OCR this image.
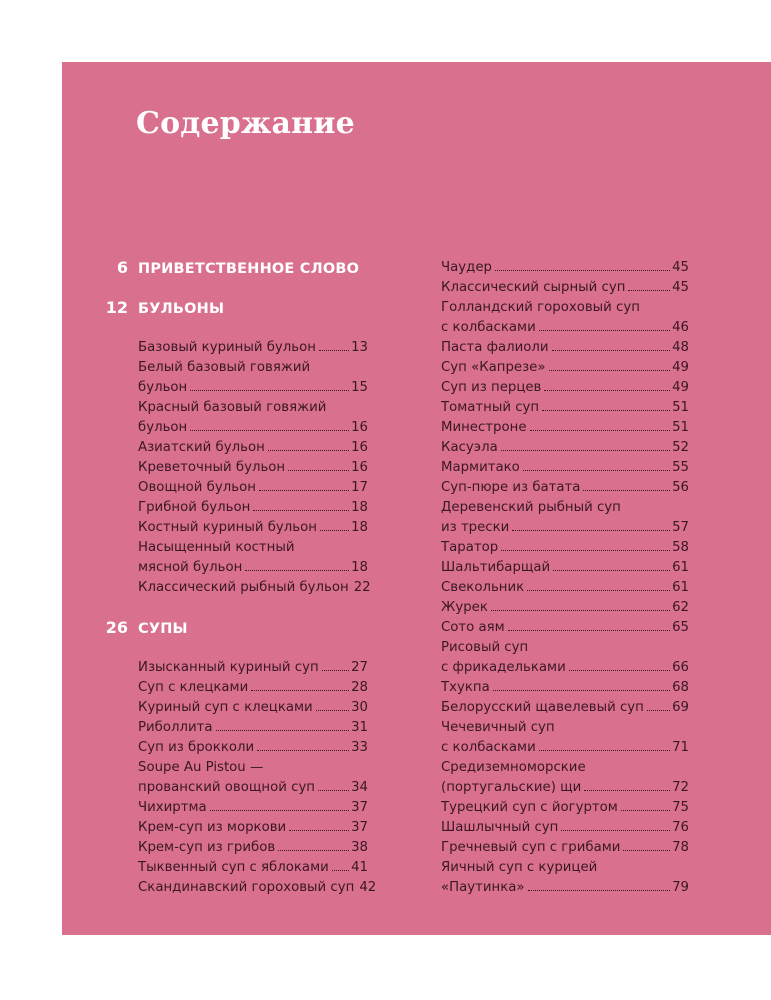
Содержание
6 ПРИВЕТСТВЕННОЕ СЛОВО
12 БУЛЬОНЫ
Базовый куриный бульон	13
Белый базовый говяжий
бульон	15
Красный базовый говяжий
бульон	16
Азиатский бульон	16
Креветочный бульон	16
Овощной бульон	17
Грибной бульон	18
Костный куриный бульон	18
Насыщенный костный
мясной бульон	18
Классический рыбный бульон 22
26 СУПЫ
Изысканный куриный суп 27
Суп с клецками	28
Куриный суп с клецками	30
Риболлита	31
Суп из брокколи	33
Soupe Au Pistou —
прованский овощной суп	34
Чихиртма	37
Крем-суп из моркови	37
Крем-суп из грибов	38
Тыквенный суп с яблоками 41
Скандинавский гороховый суп 42
Чаудер	45
Классический сырный суп	45
Голландский гороховый суп
с колбасками	46
Паста фалиоли	48
Суп «Капрезе»	49
Суп из перцев	49
Томатный суп	51
Минестроне	51
Касуэла	52
Мармитако	55
Суп-пюре из батата	56
Деревенский рыбный суп
из трески	57
Таратор	58
Шальтибарщай	61
Свекольник	61
Журек	62
Сото аям	65
Рисовый суп
с фрикадельками	66
Тхукпа	68
Белорусский щавелевый суп 69
Чечевичный суп
с колбасками	71
Средиземноморские
(португальские) щи	72
Турецкий суп с йогуртом	75
Шашлычный суп	76
Гречневый суп с грибами	78
Яичный суп с курицей
«Паутинка»	79
